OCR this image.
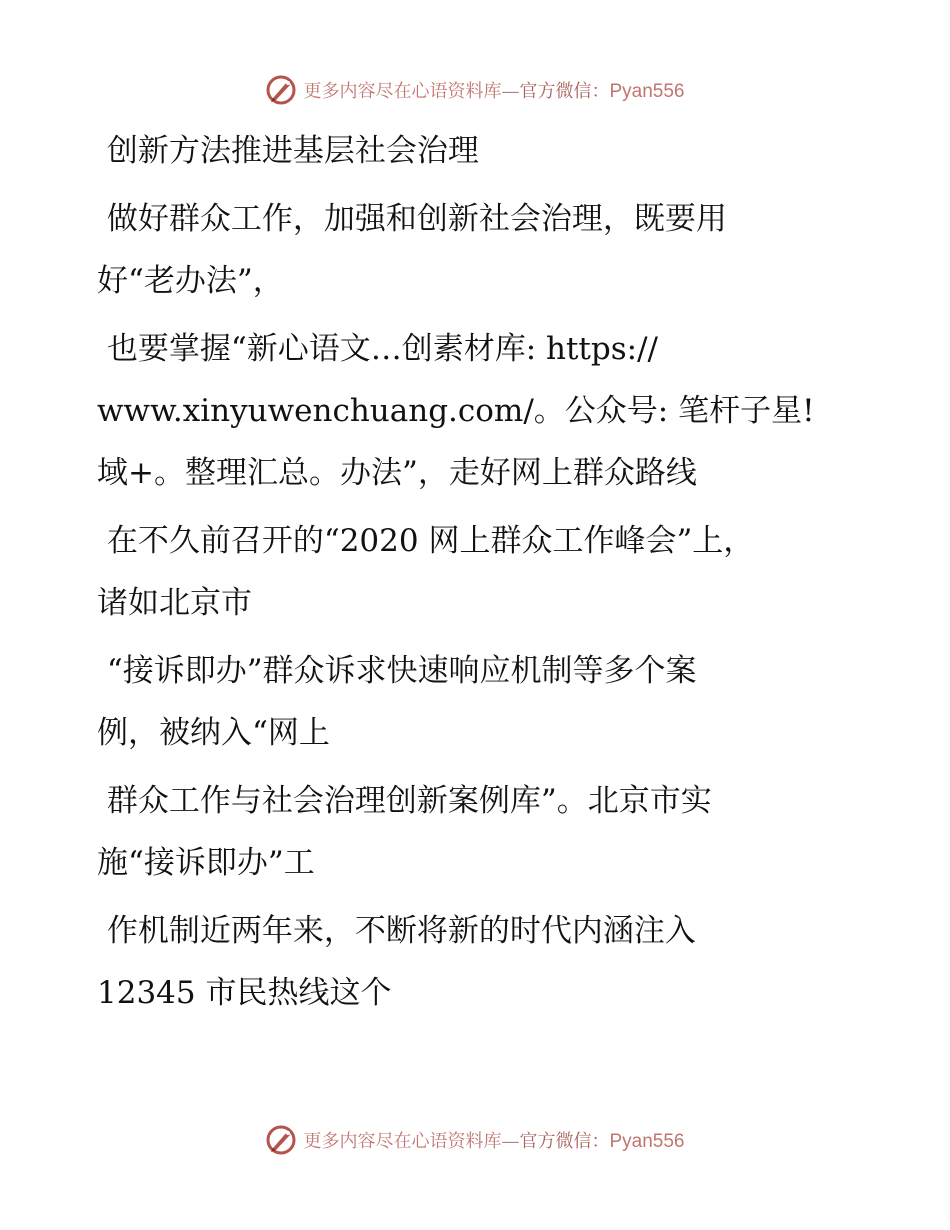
更多内容尽在心语资料库—官方微信：Pyan556

创新方法推进基层社会治理

做好群众工作，加强和创新社会治理，既要用
好“老办法”，

也要掌握“新心语文…创素材库: https://
www.xinyuwenchuang.com/。公众号: 笔杆子星!
域+。整理汇总。办法”，走好网上群众路线

在不久前召开的“2020 网上群众工作峰会”上，
诸如北京市

“接诉即办”群众诉求快速响应机制等多个案
例，被纳入“网上

群众工作与社会治理创新案例库”。北京市实
施“接诉即办”工

作机制近两年来，不断将新的时代内涵注入
12345 市民热线这个

更多内容尽在心语资料库—官方微信：Pyan556
